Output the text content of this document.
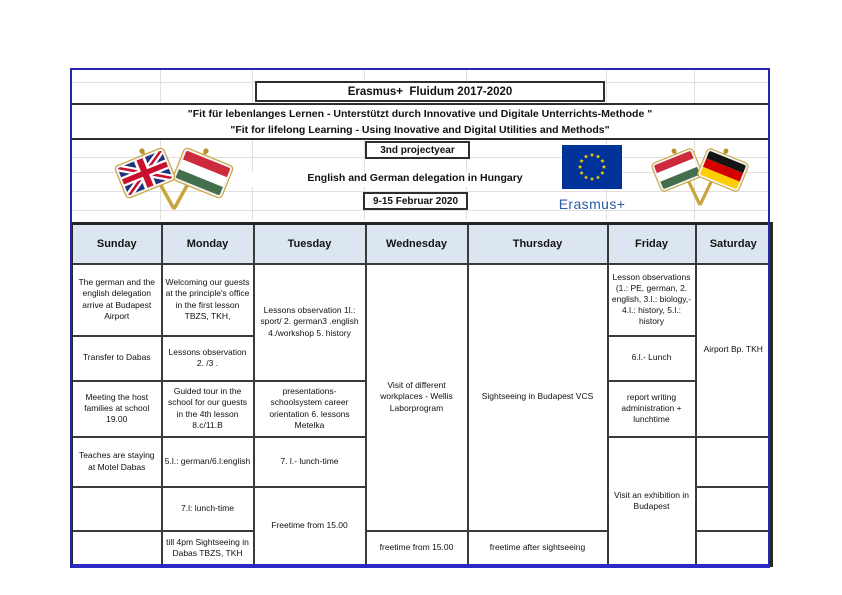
Erasmus+  Fluidum 2017-2020
"Fit für lebenlanges Lernen - Unterstützt durch Innovative und Digitale Unterrichts-Methode "
"Fit for lifelong Learning - Using Inovative and Digital Utilities and Methods"
3nd projectyear
English and German delegation in Hungary
9-15 Februar 2020	Erasmus+
Sunday	Monday	Tuesday	Wednesday	Thursday	Friday	Saturday
The german and the english delegation arrive at Budapest Airport	Welcoming our guests at the principle's office in the first lesson TBZS, TKH,	Lessons observation 1l.: sport/ 2. german3 .english 4./workshop 5. history	Visit of different workplaces - Wellis Laborprogram	Sightseeing in Budapest VCS	Lesson observations (1.: PE, german, 2. english, 3.l.: biology,- 4.l.: history, 5.l.: history	Airport Bp. TKH
Transfer to Dabas	Lessons observation 2. /3 .				6.l.- Lunch	
Meeting the host families at school 19.00	Guided tour in the school for our guests in the 4th lesson 8.c/11.B	presentations- schoolsystem career orientation 6. lessons Metelka			report writing administration + lunchtime	
Teaches are staying at Motel Dabas	5.l.: german/6.l:english	7. l.- lunch-time			Visit an exhibition in Budapest	
	7.l: lunch-time	Freetime from 15.00				
	till 4pm Sightseeing in Dabas TBZS, TKH		freetime from 15.00	freetime after sightseeing		
